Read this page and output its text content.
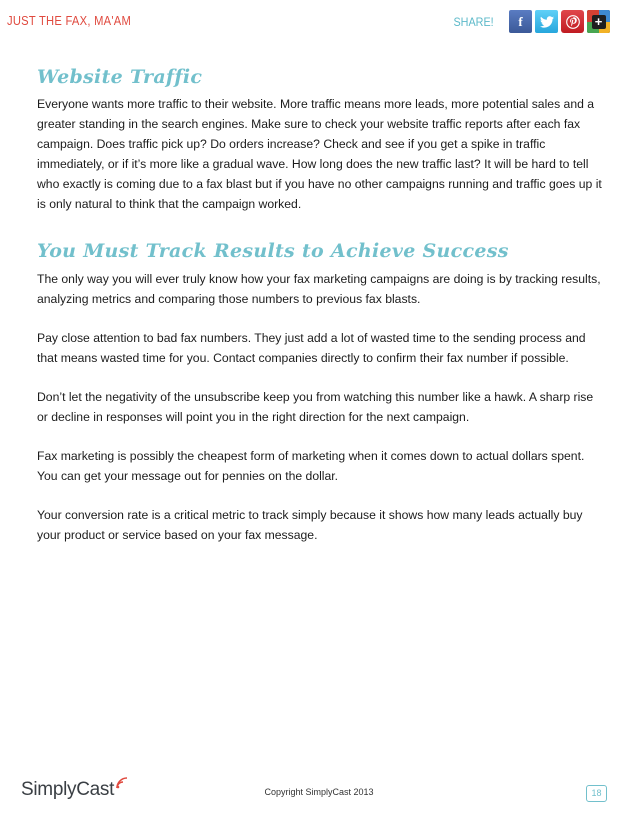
JUST THE FAX, MA'AM	SHARE! f	+
Website Traffic

Everyone wants more traffic to their website. More traffic means more leads, more potential sales and a greater standing in the search engines. Make sure to check your website traffic reports after each fax campaign. Does traffic pick up? Do orders increase? Check and see if you get a spike in traffic immediately, or if it’s more like a gradual wave. How long does the new traffic last? It will be hard to tell who exactly is coming due to a fax blast but if you have no other campaigns running and traffic goes up it is only natural to think that the campaign worked.

You Must Track Results to Achieve Success

The only way you will ever truly know how your fax marketing campaigns are doing is by tracking results, analyzing metrics and comparing those numbers to previous fax blasts.

Pay close attention to bad fax numbers. They just add a lot of wasted time to the sending process and that means wasted time for you. Contact companies directly to confirm their fax number if possible.

Don’t let the negativity of the unsubscribe keep you from watching this number like a hawk. A sharp rise or decline in responses will point you in the right direction for the next campaign.

Fax marketing is possibly the cheapest form of marketing when it comes down to actual dollars spent. You can get your message out for pennies on the dollar.

Your conversion rate is a critical metric to track simply because it shows how many leads actually buy your product or service based on your fax message.

SimplyCast	Copyright SimplyCast 2013	18
